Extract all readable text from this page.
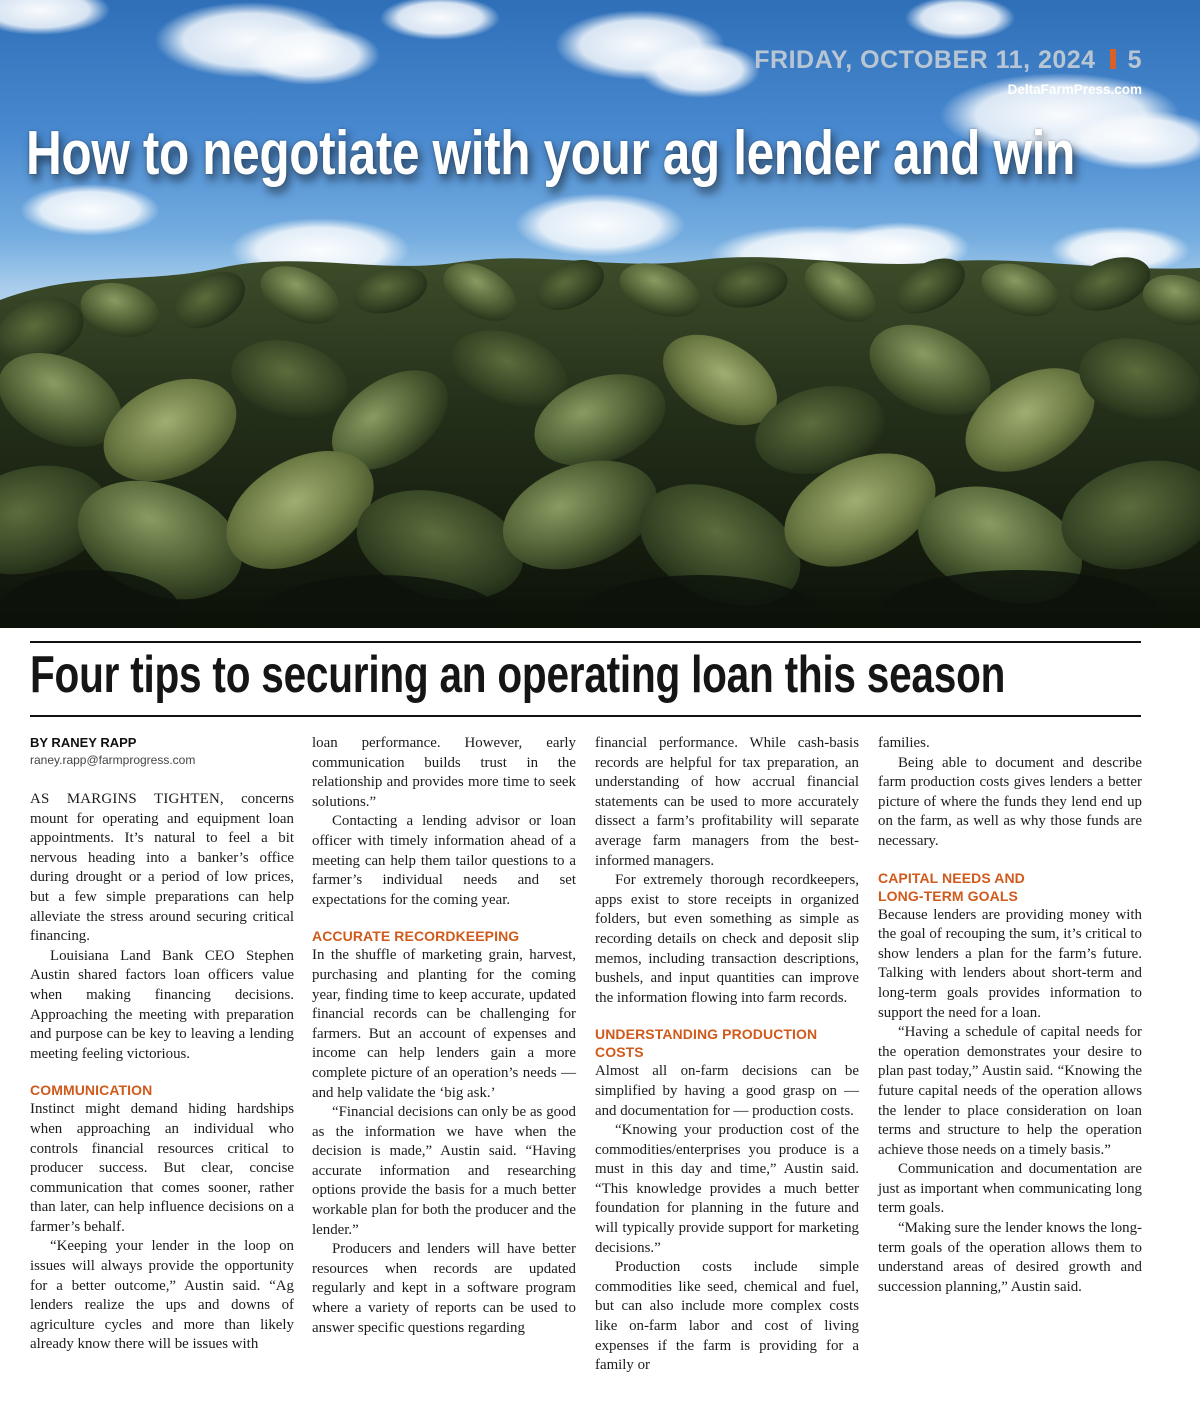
FRIDAY, OCTOBER 11, 2024 5
DeltaFarmPress.com
How to negotiate with your ag lender and win
Four tips to securing an operating loan this season
BY RANEY RAPP
raney.rapp@farmprogress.com

AS MARGINS TIGHTEN, concerns mount for operating and equipment loan appointments. It’s natural to feel a bit nervous heading into a banker’s office during drought or a period of low prices, but a few simple preparations can help alleviate the stress around securing critical financing.

Louisiana Land Bank CEO Stephen Austin shared factors loan officers value when making financing decisions. Approaching the meeting with preparation and purpose can be key to leaving a lending meeting feeling victorious.

COMMUNICATION

Instinct might demand hiding hardships when approaching an individual who controls financial resources critical to producer success. But clear, concise communication that comes sooner, rather than later, can help influence decisions on a farmer’s behalf.

“Keeping your lender in the loop on issues will always provide the opportunity for a better outcome,” Austin said. “Ag lenders realize the ups and downs of agriculture cycles and more than likely already know there will be issues with

loan performance. However, early communication builds trust in the relationship and provides more time to seek solutions.”

Contacting a lending advisor or loan officer with timely information ahead of a meeting can help them tailor questions to a farmer’s individual needs and set expectations for the coming year.

ACCURATE RECORDKEEPING

In the shuffle of marketing grain, harvest, purchasing and planting for the coming year, finding time to keep accurate, updated financial records can be challenging for farmers. But an account of expenses and income can help lenders gain a more complete picture of an operation’s needs — and help validate the ‘big ask.’

“Financial decisions can only be as good as the information we have when the decision is made,” Austin said. “Having accurate information and researching options provide the basis for a much better workable plan for both the producer and the lender.”

Producers and lenders will have better resources when records are updated regularly and kept in a software program where a variety of reports can be used to answer specific questions regarding

financial performance. While cash-basis records are helpful for tax preparation, an understanding of how accrual financial statements can be used to more accurately dissect a farm’s profitability will separate average farm managers from the best-informed managers.

For extremely thorough recordkeepers, apps exist to store receipts in organized folders, but even something as simple as recording details on check and deposit slip memos, including transaction descriptions, bushels, and input quantities can improve the information flowing into farm records.

UNDERSTANDING PRODUCTION COSTS

Almost all on-farm decisions can be simplified by having a good grasp on — and documentation for — production costs.

“Knowing your production cost of the commodities/enterprises you produce is a must in this day and time,” Austin said. “This knowledge provides a much better foundation for planning in the future and will typically provide support for marketing decisions.”

Production costs include simple commodities like seed, chemical and fuel, but can also include more complex costs like on-farm labor and cost of living expenses if the farm is providing for a family or

families.

Being able to document and describe farm production costs gives lenders a better picture of where the funds they lend end up on the farm, as well as why those funds are necessary.

CAPITAL NEEDS AND
LONG-TERM GOALS

Because lenders are providing money with the goal of recouping the sum, it’s critical to show lenders a plan for the farm’s future. Talking with lenders about short-term and long-term goals provides information to support the need for a loan.

“Having a schedule of capital needs for the operation demonstrates your desire to plan past today,” Austin said. “Knowing the future capital needs of the operation allows the lender to place consideration on loan terms and structure to help the operation achieve those needs on a timely basis.”

Communication and documentation are just as important when communicating long term goals.

“Making sure the lender knows the long-term goals of the operation allows them to understand areas of desired growth and succession planning,” Austin said.
